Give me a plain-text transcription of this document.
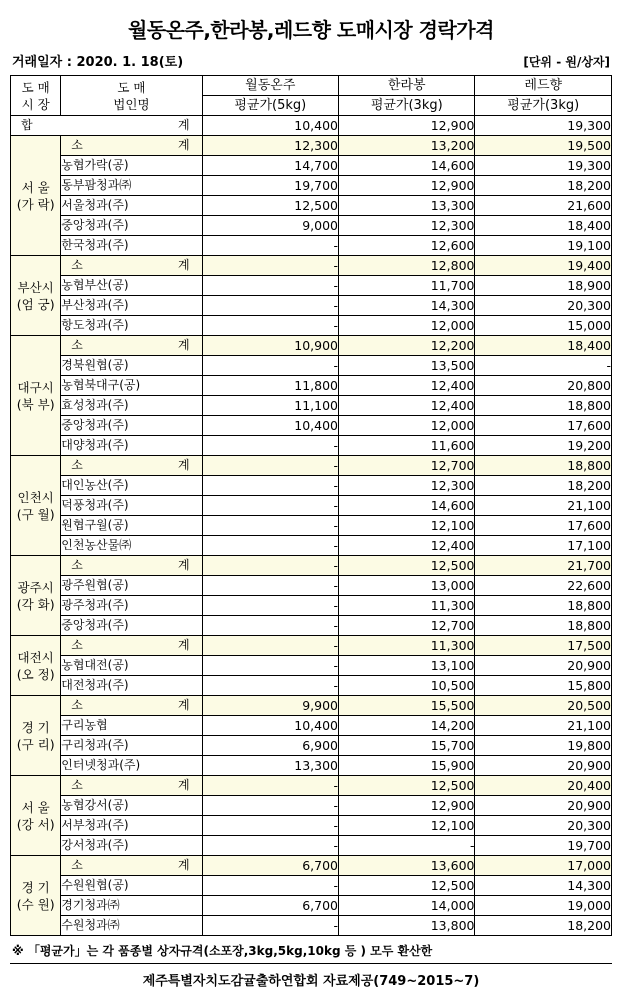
월동온주,한라봉,레드향 도매시장 경락가격
거래일자 : 2020. 1. 18(토)	[단위 - 원/상자]
도 매
시 장	도 매
법인명	월동온주	한라봉	레드향
		평균가(5kg)	평균가(3kg)	평균가(3kg)
합 계		10,400	12,900	19,300

서 울
(가 락)	소 계	12,300	13,200	19,500
	농협가락(공)	14,700	14,600	19,300
	동부팜청과㈜	19,700	12,900	18,200
	서울청과(주)	12,500	13,300	21,600
	중앙청과(주)	9,000	12,300	18,400
	한국청과(주)	-	12,600	19,100

부산시
(엄 궁)	소 계	-	12,800	19,400
	농협부산(공)	-	11,700	18,900
	부산청과(주)	-	14,300	20,300
	항도청과(주)	-	12,000	15,000

대구시
(북 부)	소 계	10,900	12,200	18,400
	경북원협(공)	-	13,500	-
	농협북대구(공)	11,800	12,400	20,800
	효성청과(주)	11,100	12,400	18,800
	중앙청과(주)	10,400	12,000	17,600
	대양청과(주)	-	11,600	19,200

인천시
(구 월)	소 계	-	12,700	18,800
	대인농산(주)	-	12,300	18,200
	덕풍청과(주)	-	14,600	21,100
	원협구월(공)	-	12,100	17,600
	인천농산물㈜	-	12,400	17,100

광주시
(각 화)	소 계	-	12,500	21,700
	광주원협(공)	-	13,000	22,600
	광주청과(주)	-	11,300	18,800
	중앙청과(주)	-	12,700	18,800

대전시
(오 정)	소 계	-	11,300	17,500
	농협대전(공)	-	13,100	20,900
	대전청과(주)	-	10,500	15,800

경 기
(구 리)	소 계	9,900	15,500	20,500
	구리농협	10,400	14,200	21,100
	구리청과(주)	6,900	15,700	19,800
	인터넷청과(주)	13,300	15,900	20,900

서 울
(강 서)	소 계	-	12,500	20,400
	농협강서(공)	-	12,900	20,900
	서부청과(주)	-	12,100	20,300
	강서청과(주)	-	-	19,700

경 기
(수 원)	소 계	6,700	13,600	17,000
	수원원협(공)	-	12,500	14,300
	경기청과㈜	6,700	14,000	19,000
	수원청과㈜	-	13,800	18,200
※ 「평균가」는 각 품종별 상자규격(소포장,3kg,5kg,10kg 등 ) 모두 환산한
제주특별자치도감귤출하연합회 자료제공(749~2015~7)
